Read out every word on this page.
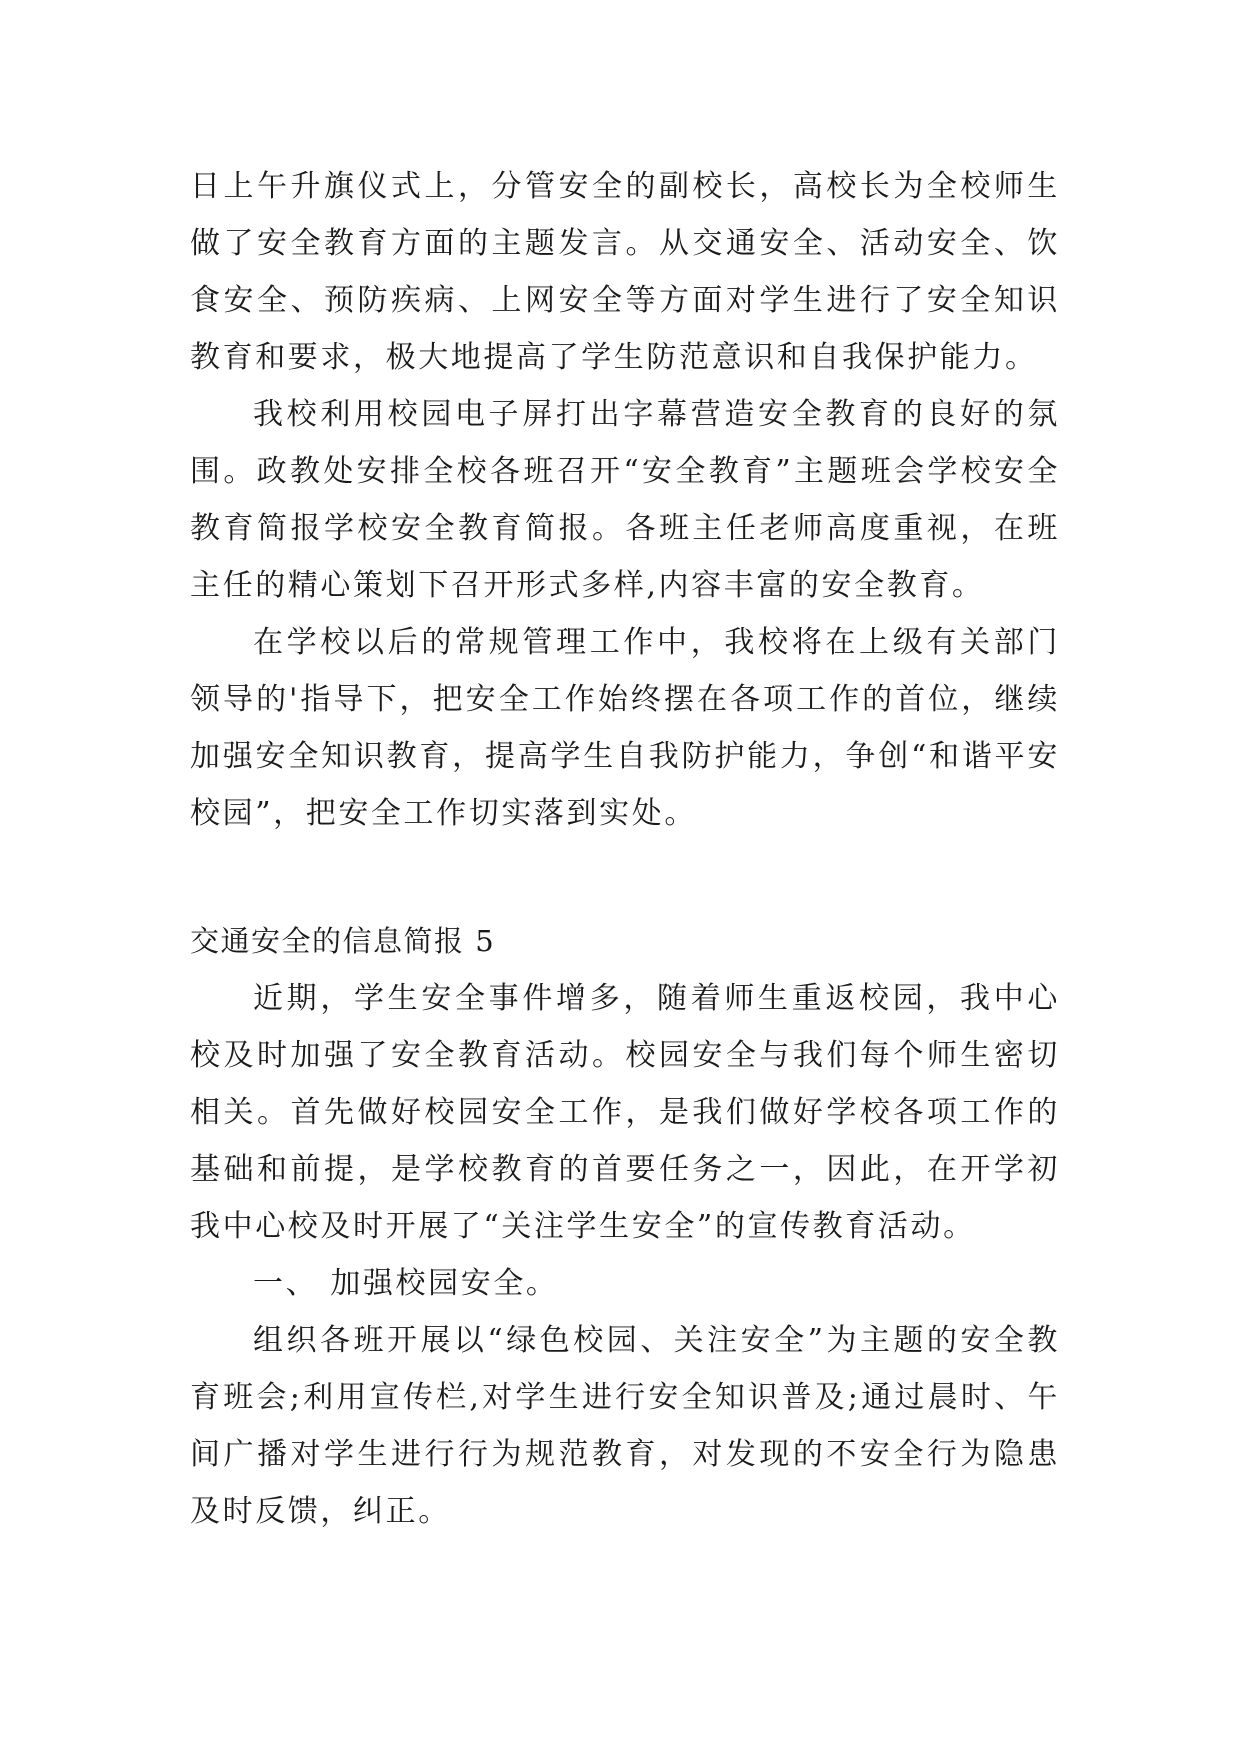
日上午升旗仪式上，分管安全的副校长，高校长为全校师生做了安全教育方面的主题发言。从交通安全、活动安全、饮食安全、预防疾病、上网安全等方面对学生进行了安全知识教育和要求，极大地提高了学生防范意识和自我保护能力。

我校利用校园电子屏打出字幕营造安全教育的良好的氛围。政教处安排全校各班召开“安全教育”主题班会学校安全教育简报学校安全教育简报。各班主任老师高度重视，在班主任的精心策划下召开形式多样,内容丰富的安全教育。

在学校以后的常规管理工作中，我校将在上级有关部门领导的'指导下，把安全工作始终摆在各项工作的首位，继续加强安全知识教育，提高学生自我防护能力，争创“和谐平安校园”，把安全工作切实落到实处。

交通安全的信息简报 5

近期，学生安全事件增多，随着师生重返校园，我中心校及时加强了安全教育活动。校园安全与我们每个师生密切相关。首先做好校园安全工作，是我们做好学校各项工作的基础和前提，是学校教育的首要任务之一，因此，在开学初我中心校及时开展了“关注学生安全”的宣传教育活动。

一、 加强校园安全。

组织各班开展以“绿色校园、关注安全”为主题的安全教育班会;利用宣传栏,对学生进行安全知识普及;通过晨时、午间广播对学生进行行为规范教育，对发现的不安全行为隐患及时反馈，纠正。
